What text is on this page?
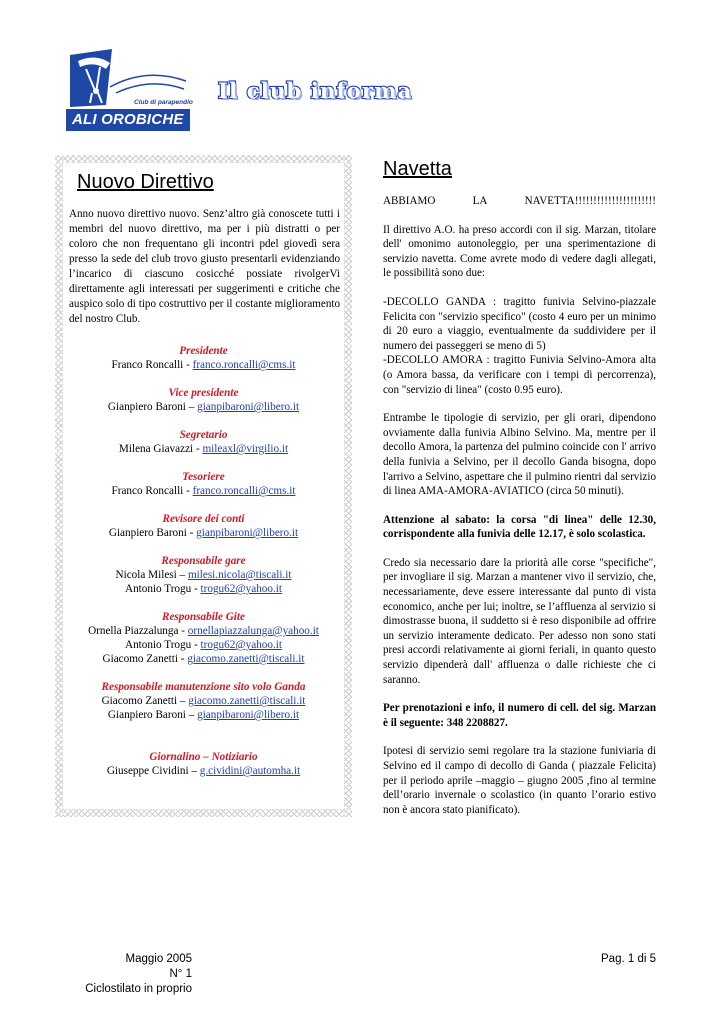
Club di parapendio
ALI OROBICHE
Il club informa
Nuovo Direttivo
Anno nuovo direttivo nuovo. Senz’altro già conoscete tutti i membri del nuovo direttivo, ma per i più distratti o per coloro che non frequentano gli incontri pdel giovedì sera presso la sede del club trovo giusto presentarli evidenziando l’incarico di ciascuno cosicché possiate rivolgerVi direttamente agli interessati per suggerimenti e critiche che auspico solo di tipo costruttivo per il costante miglioramento del nostro Club.
Presidente
Franco Roncalli - franco.roncalli@cms.it
Vice presidente
Gianpiero Baroni – gianpibaroni@libero.it
Segretario
Milena Giavazzi - mileaxl@virgilio.it
Tesoriere
Franco Roncalli - franco.roncalli@cms.it
Revisore dei conti
Gianpiero Baroni - gianpibaroni@libero.it
Responsabile gare
Nicola Milesi – milesi.nicola@tiscali.it
Antonio Trogu - trogu62@yahoo.it
Responsabile Gite
Ornella Piazzalunga - ornellapiazzalunga@yahoo.it
Antonio Trogu - trogu62@yahoo.it
Giacomo Zanetti - giacomo.zanetti@tiscali.it
Responsabile manutenzione sito volo Ganda
Giacomo Zanetti – giacomo.zanetti@tiscali.it
Gianpiero Baroni – gianpibaroni@libero.it
Giornalino – Notiziario
Giuseppe Cividini – g.cividini@automha.it
Navetta

ABBIAMO	LA	NAVETTA!!!!!!!!!!!!!!!!!!!!!!

Il direttivo A.O. ha preso accordi con il sig. Marzan, titolare dell' omonimo autonoleggio, per una sperimentazione di servizio navetta. Come avrete modo di vedere dagli allegati, le possibilità sono due:

-DECOLLO GANDA : tragitto funivia Selvino-piazzale Felicita con "servizio specifico" (costo 4 euro per un minimo di 20 euro a viaggio, eventualmente da suddividere per il numero dei passeggeri se meno di 5)

-DECOLLO AMORA : tragitto Funivia Selvino-Amora alta (o Amora bassa, da verificare con i tempi di percorrenza), con "servizio di linea" (costo 0.95 euro).

Entrambe le tipologie di servizio, per gli orari, dipendono ovviamente dalla funivia Albino Selvino. Ma, mentre per il decollo Amora, la partenza del pulmino coincide con l' arrivo della funivia a Selvino, per il decollo Ganda bisogna, dopo l'arrivo a Selvino, aspettare che il pulmino rientri dal servizio di linea AMA-AMORA-AVIATICO (circa 50 minuti).

Attenzione al sabato: la corsa "di linea" delle 12.30, corrispondente alla funivia delle 12.17, è solo scolastica.

Credo sia necessario dare la priorità alle corse "specifiche", per invogliare il sig. Marzan a mantener vivo il servizio, che, necessariamente, deve essere interessante dal punto di vista economico, anche per lui; inoltre, se l’affluenza al servizio si dimostrasse buona, il suddetto si è reso disponibile ad offrire un servizio interamente dedicato. Per adesso non sono stati presi accordi relativamente ai giorni feriali, in quanto questo servizio dipenderà dall' affluenza o dalle richieste che ci saranno.

Per prenotazioni e info, il numero di cell. del sig. Marzan è il seguente: 348 2208827.

Ipotesi di servizio semi regolare tra la stazione funiviaria di Selvino ed il campo di decollo di Ganda ( piazzale Felicita) per il periodo aprile –maggio – giugno 2005 ,fino al termine dell’orario invernale o scolastico (in quanto l’orario estivo non è ancora stato pianificato).

Maggio 2005
N° 1
Ciclostilato in proprio
Pag. 1 di 5
